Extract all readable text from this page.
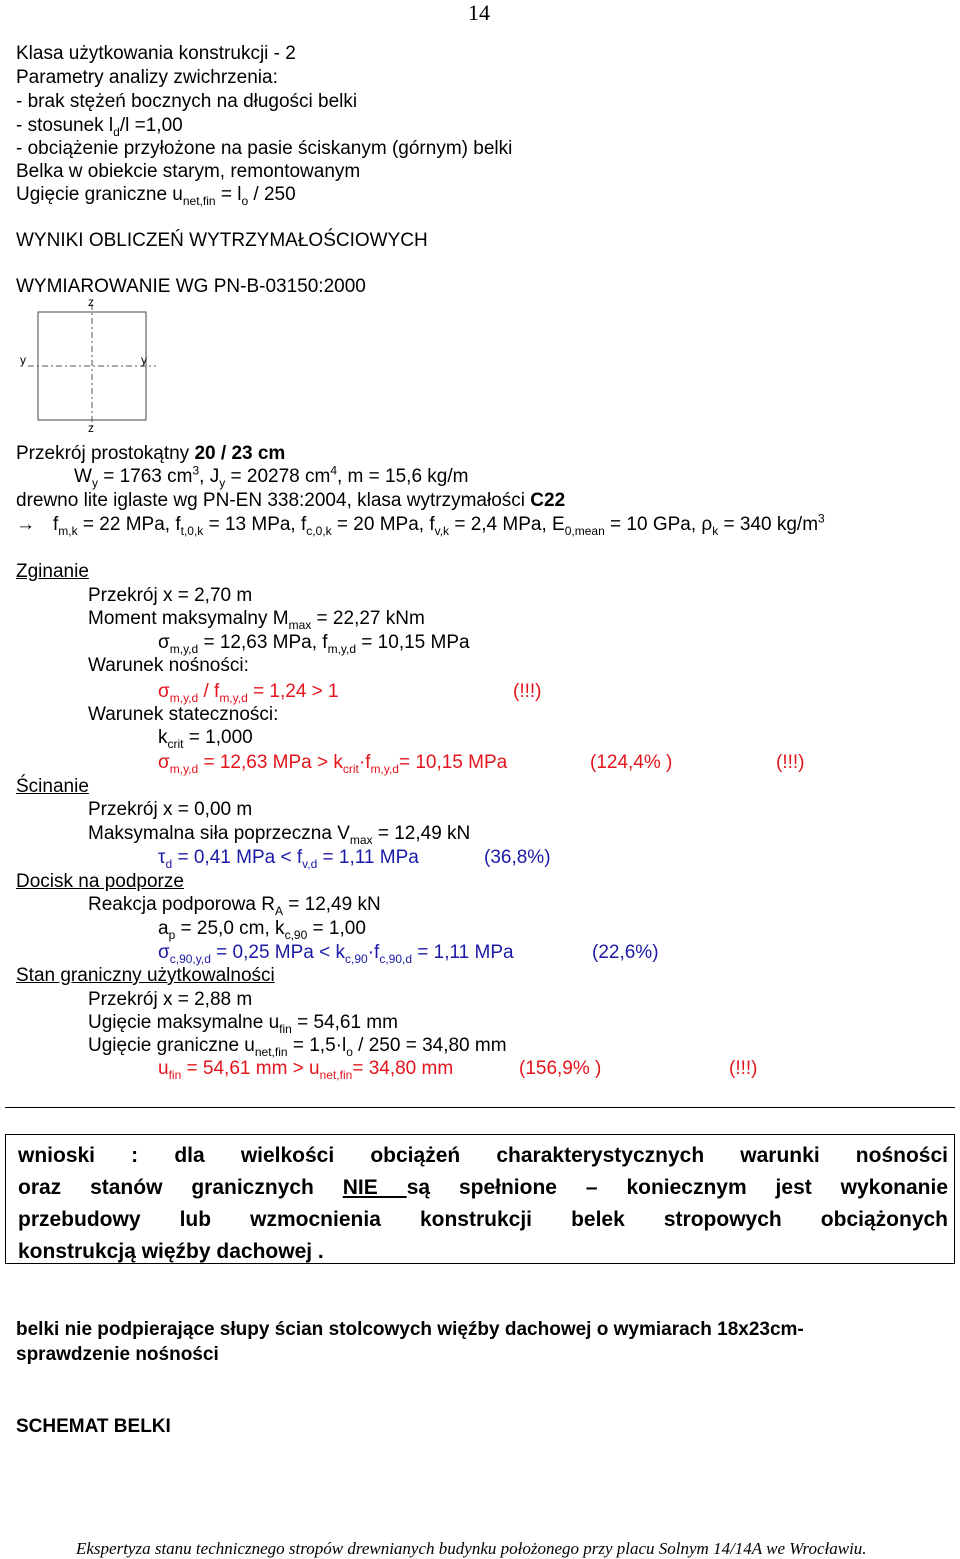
14
Klasa użytkowania konstrukcji - 2
Parametry analizy zwichrzenia:
- brak stężeń bocznych na długości belki
- stosunek $l_d/l =1,00$
- obciążenie przyłożone na pasie ściskanym (górnym) belki
Belka w obiekcie starym, remontowanym
Ugięcie graniczne $u_{net,fin} = l_o / 250$
WYNIKI OBLICZEŃ WYTRZYMAŁOŚCIOWYCH
WYMIAROWANIE WG PN-B-03150:2000
z
z
y	y
Przekrój prostokątny 20 / 23 cm
$W_y = 1763$ $cm^3$, $J_y = 20278$ $cm^4$, m = 15,6 kg/m
drewno lite iglaste wg PN-EN 338:2004, klasa wytrzymałości C22
→ $f_{m,k} = 22$ MPa, $f_{t,0,k} = 13$ MPa, $f_{c,0,k} = 20$ MPa, $f_{v,k} = 2,4$ MPa, $E_{0,mean} = 10$ GPa, $\rho_k = 340$ $kg/m^3$
Zginanie
Przekrój x = 2,70 m
Moment maksymalny $M_{max} = 22,27$ kNm
$\sigma_{m,y,d} = 12,63$ MPa, $f_{m,y,d} = 10,15$ MPa
Warunek nośności:
$\sigma_{m,y,d} / f_{m,y,d} = 1,24 > 1$	(!!!)
Warunek stateczności:
$k_{crit} = 1,000$
$\sigma_{m,y,d} = 12,63$ MPa > $k_{crit}\cdot f_{m,y,d}= 10,15$ MPa	(124,4% )	(!!!)
Ścinanie
Przekrój x = 0,00 m
Maksymalna siła poprzeczna $V_{max} = 12,49$ kN
$\tau_d = 0,41$ MPa < $f_{v,d} = 1,11$ MPa	(36,8%)
Docisk na podporze
Reakcja podporowa $R_A = 12,49$ kN
$a_p = 25,0$ cm, $k_{c,90} = 1,00$
$\sigma_{c,90,y,d} = 0,25$ MPa < $k_{c,90}\cdot f_{c,90,d} = 1,11$ MPa	(22,6%)
Stan graniczny użytkowalności
Przekrój x = 2,88 m
Ugięcie maksymalne $u_{fin} = 54,61$ mm
Ugięcie graniczne $u_{net,fin} = 1,5\cdot l_o / 250 = 34,80$ mm
$u_{fin} = 54,61$ mm > $u_{net,fin}= 34,80$ mm	(156,9% )	(!!!)
wnioski : dla wielkości obciążeń charakterystycznych warunki nośności
oraz stanów granicznych NIE są spełnione – koniecznym jest wykonanie
przebudowy lub wzmocnienia konstrukcji belek stropowych obciążonych
konstrukcją więźby dachowej .
belki nie podpierające słupy ścian stolcowych więźby dachowej o wymiarach 18x23cm-
sprawdzenie nośności
SCHEMAT BELKI
Ekspertyza stanu technicznego stropów drewnianych budynku położonego przy placu Solnym 14/14A we Wrocławiu.
